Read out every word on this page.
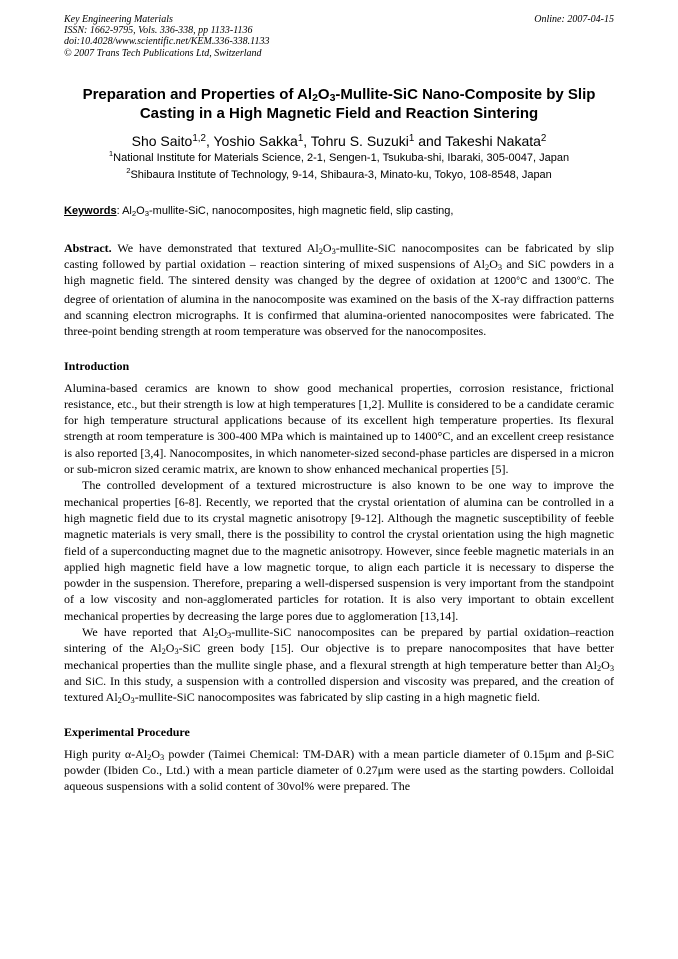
Key Engineering Materials	Online: 2007-04-15
ISSN: 1662-9795, Vols. 336-338, pp 1133-1136
doi:10.4028/www.scientific.net/KEM.336-338.1133
© 2007 Trans Tech Publications Ltd, Switzerland
Preparation and Properties of $Al_2O_3-Mullite$-SiC Nano-Composite by Slip Casting in a High Magnetic Field and Reaction Sintering
Sho Saito$^{1,2}$, Yoshio Sakka$^1$, Tohru S. Suzuki$^1$ and Takeshi Nakata$^2$
$^1$National Institute for Materials Science, 2-1, Sengen-1, Tsukuba-shi, Ibaraki, 305-0047, Japan
$^2$Shibaura Institute of Technology, 9-14, Shibaura-3, Minato-ku, Tokyo, 108-8548, Japan
Keywords: $Al_2O_3-mullite$-SiC, nanocomposites, high magnetic field, slip casting,
Abstract. We have demonstrated that textured $Al_2O_3-mullite$-SiC nanocomposites can be fabricated by slip casting followed by partial oxidation – reaction sintering of mixed suspensions of $Al_2O_3$ and SiC powders in a high magnetic field. The sintered density was changed by the degree of oxidation at 1200°C and 1300°C. The degree of orientation of alumina in the nanocomposite was examined on the basis of the X-ray diffraction patterns and scanning electron micrographs. It is confirmed that alumina-oriented nanocomposites were fabricated. The three-point bending strength at room temperature was observed for the nanocomposites.
Introduction
Alumina-based ceramics are known to show good mechanical properties, corrosion resistance, frictional resistance, etc., but their strength is low at high temperatures [1,2]. Mullite is considered to be a candidate ceramic for high temperature structural applications because of its excellent high temperature properties. Its flexural strength at room temperature is 300-400 MPa which is maintained up to 1400°C, and an excellent creep resistance is also reported [3,4]. Nanocomposites, in which nanometer-sized second-phase particles are dispersed in a micron or sub-micron sized ceramic matrix, are known to show enhanced mechanical properties [5].
The controlled development of a textured microstructure is also known to be one way to improve the mechanical properties [6-8]. Recently, we reported that the crystal orientation of alumina can be controlled in a high magnetic field due to its crystal magnetic anisotropy [9-12]. Although the magnetic susceptibility of feeble magnetic materials is very small, there is the possibility to control the crystal orientation using the high magnetic field of a superconducting magnet due to the magnetic anisotropy. However, since feeble magnetic materials in an applied high magnetic field have a low magnetic torque, to align each particle it is necessary to disperse the powder in the suspension. Therefore, preparing a well-dispersed suspension is very important from the standpoint of a low viscosity and non-agglomerated particles for rotation. It is also very important to obtain excellent mechanical properties by decreasing the large pores due to agglomeration [13,14].
We have reported that $Al_2O_3-mullite$-SiC nanocomposites can be prepared by partial oxidation–reaction sintering of the $Al_2O_3$-SiC green body [15]. Our objective is to prepare nanocomposites that have better mechanical properties than the mullite single phase, and a flexural strength at high temperature better than $Al_2O_3$ and SiC. In this study, a suspension with a controlled dispersion and viscosity was prepared, and the creation of textured $Al_2O_3-mullite$-SiC nanocomposites was fabricated by slip casting in a high magnetic field.
Experimental Procedure
High purity $\alpha-Al_2O_3$ powder (Taimei Chemical: TM-DAR) with a mean particle diameter of 0.15μm and β-SiC powder (Ibiden Co., Ltd.) with a mean particle diameter of 0.27μm were used as the starting powders. Colloidal aqueous suspensions with a solid content of 30vol% were prepared. The
